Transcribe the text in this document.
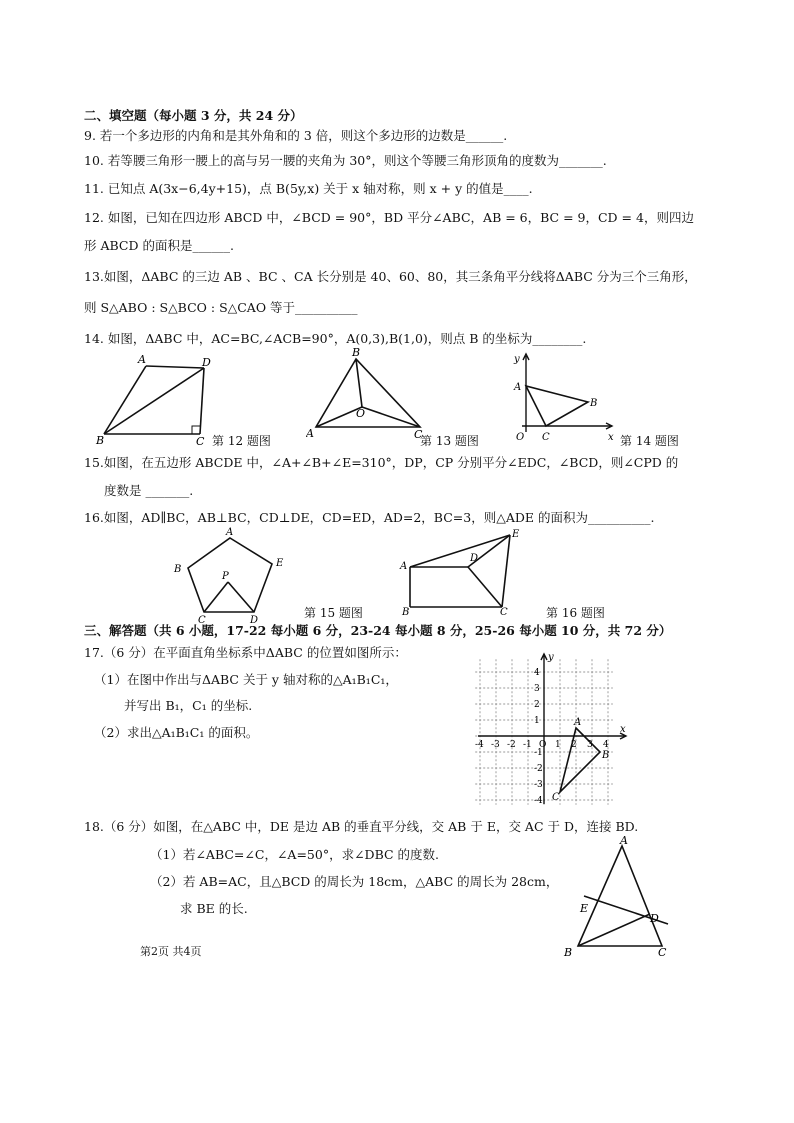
二、填空题（每小题 3 分，共 24 分）
9. 若一个多边形的内角和是其外角和的 3 倍，则这个多边形的边数是______.
10. 若等腰三角形一腰上的高与另一腰的夹角为 30°，则这个等腰三角形顶角的度数为_______.
11. 已知点 A(3x−6,4y+15)，点 B(5y,x) 关于 x 轴对称，则 x + y 的值是____.
12. 如图，已知在四边形 ABCD 中，∠BCD = 90°，BD 平分∠ABC，AB = 6，BC = 9，CD = 4，则四边
形 ABCD 的面积是______.
13.如图，ΔABC 的三边 AB 、BC 、CA 长分别是 40、60、80，其三条角平分线将ΔABC 分为三个三角形，
则 S△ABO : S△BCO : S△CAO 等于__________
14. 如图，ΔABC 中，AC=BC,∠ACB=90°，A(0,3),B(1,0)，则点 B 的坐标为________.
A	D
B	C 第 12 题图
B
A	C
O
第 13 题图
y
A
B
C
O	x 第 14 题图
15.如图，在五边形 ABCDE 中，∠A+∠B+∠E=310°，DP，CP 分别平分∠EDC，∠BCD，则∠CPD 的
度数是 _______.
16.如图，AD∥BC，AB⊥BC，CD⊥DE，CD=ED，AD=2，BC=3，则△ADE 的面积为__________.
A
E
B
P
C	D
第 15 题图
E
A
D
B	C	第 16 题图
三、解答题（共 6 小题，17-22 每小题 6 分，23-24 每小题 8 分，25-26 每小题 10 分，共 72 分）
17.（6 分）在平面直角坐标系中ΔABC 的位置如图所示：
（1）在图中作出与ΔABC 关于 y 轴对称的△A₁B₁C₁，
并写出 B₁，C₁ 的坐标.
（2）求出△A₁B₁C₁ 的面积。
-4 -3 -2 -1 O 1 2 3 4
4
3
2
1
-1
-2
-3
-4
y
x
A
B
C
18.（6 分）如图，在△ABC 中，DE 是边 AB 的垂直平分线，交 AB 于 E，交 AC 于 D，连接 BD.
（1）若∠ABC=∠C，∠A=50°，求∠DBC 的度数.
（2）若 AB=AC，且△BCD 的周长为 18cm，△ABC 的周长为 28cm，
求 BE 的长.
A
E
D
B	C
第2页 共4页
